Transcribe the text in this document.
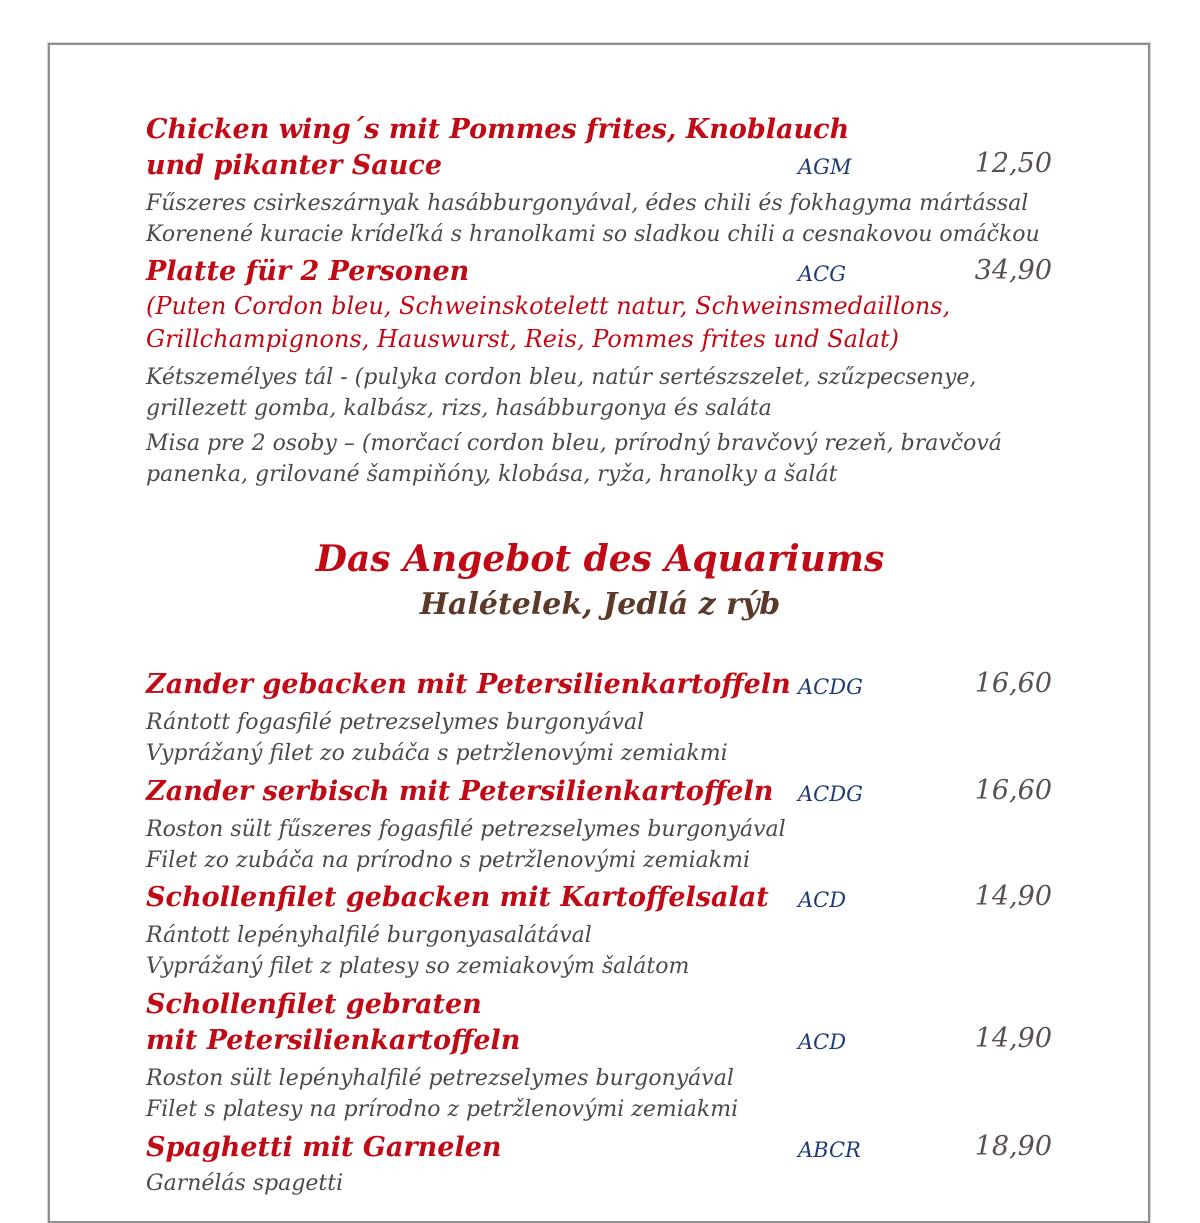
Chicken wing´s mit Pommes frites, Knoblauch
und pikanter Sauce
Fűszeres csirkeszárnyak hasábburgonyával, édes chili és fokhagyma mártással
Korenené kuracie krídeľká s hranolkami so sladkou chili a cesnakovou omáčkou
AGM	12,50
Platte für 2 Personen
(Puten Cordon bleu, Schweinskotelett natur, Schweinsmedaillons,
Grillchampignons, Hauswurst, Reis, Pommes frites und Salat)
Kétszemélyes tál - (pulyka cordon bleu, natúr sertészszelet, szűzpecsenye,
grillezett gomba, kalbász, rizs, hasábburgonya és saláta
Misa pre 2 osoby – (morčací cordon bleu, prírodný bravčový rezeň, bravčová
panenka, grilované šampiňóny, klobása, ryža, hranolky a šalát
ACG	34,90
Das Angebot des Aquariums
Halételek, Jedlá z rýb
Zander gebacken mit Petersilienkartoffeln
Rántott fogasfilé petrezselymes burgonyával
Vyprážaný filet zo zubáča s petržlenovými zemiakmi
ACDG	16,60
Zander serbisch mit Petersilienkartoffeln
Roston sült fűszeres fogasfilé petrezselymes burgonyával
Filet zo zubáča na prírodno s petržlenovými zemiakmi
ACDG	16,60
Schollenfilet gebacken mit Kartoffelsalat
Rántott lepényhalfilé burgonyasalátával
Vyprážaný filet z platesy so zemiakovým šalátom
ACD	14,90
Schollenfilet gebraten
mit Petersilienkartoffeln
Roston sült lepényhalfilé petrezselymes burgonyával
Filet s platesy na prírodno z petržlenovými zemiakmi
ACD	14,90
Spaghetti mit Garnelen
Garnélás spagetti
ABCR	18,90
